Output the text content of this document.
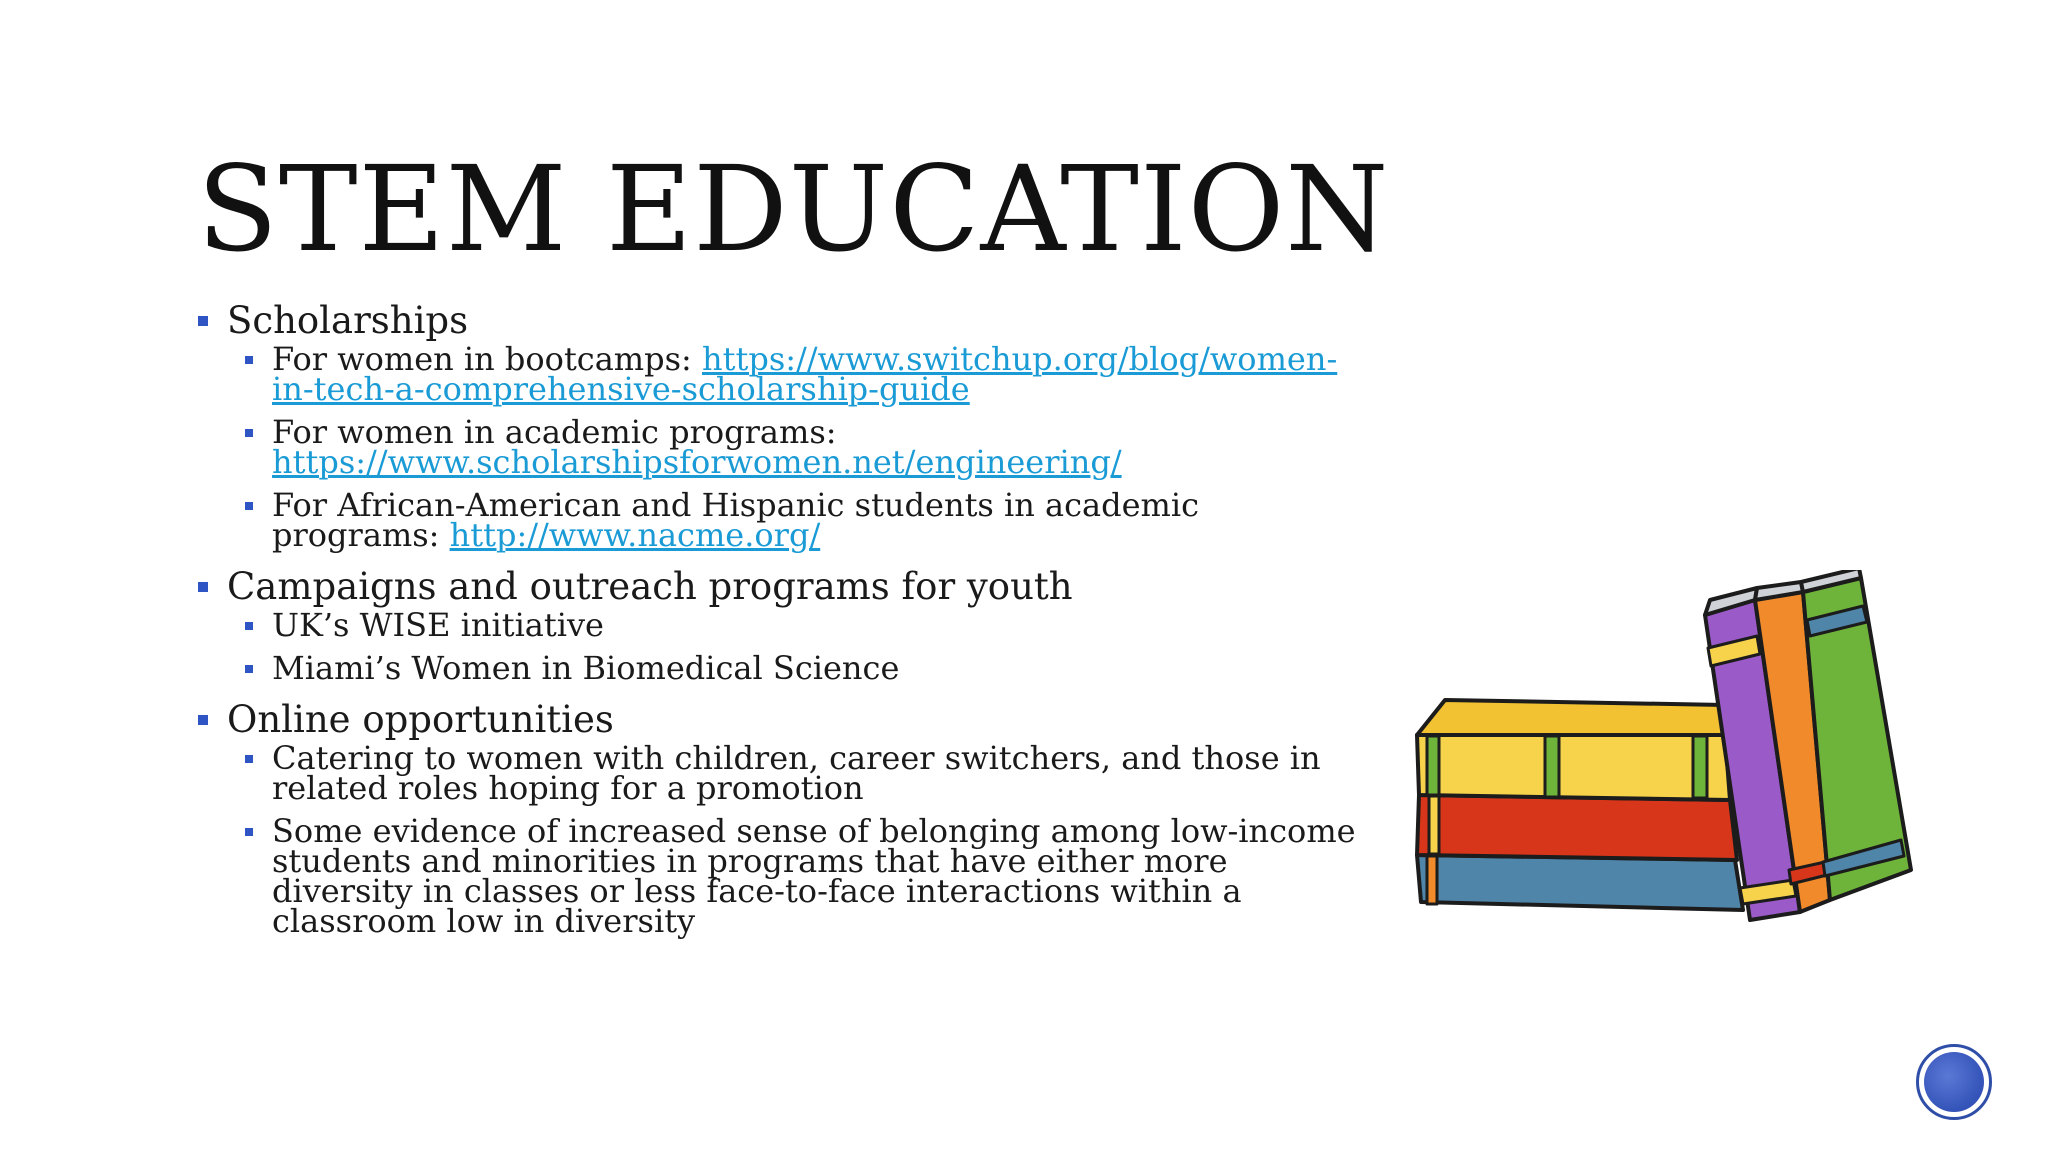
STEM EDUCATION
Scholarships
For women in bootcamps: https://www.switchup.org/blog/women-in-tech-a-comprehensive-scholarship-guide
For women in academic programs: https://www.scholarshipsforwomen.net/engineering/
For African-American and Hispanic students in academic programs: http://www.nacme.org/
Campaigns and outreach programs for youth
UK’s WISE initiative
Miami’s Women in Biomedical Science
Online opportunities
Catering to women with children, career switchers, and those in related roles hoping for a promotion
Some evidence of increased sense of belonging among low-income students and minorities in programs that have either more diversity in classes or less face-to-face interactions within a classroom low in diversity
